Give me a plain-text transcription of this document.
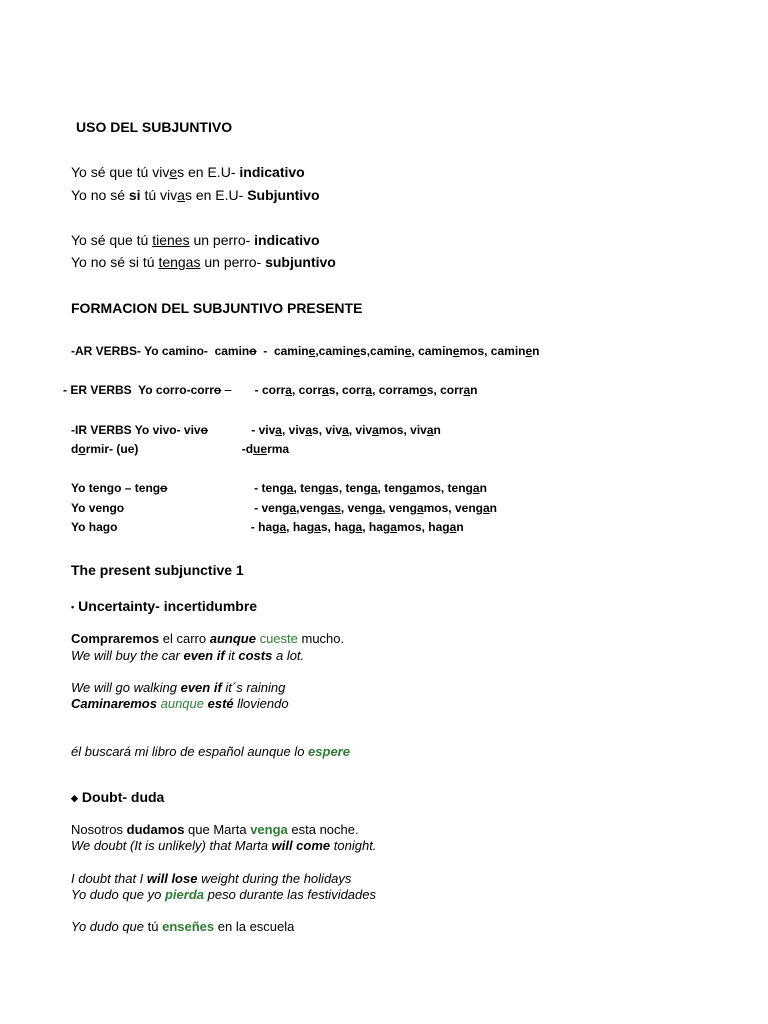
USO DEL SUBJUNTIVO
Yo sé que tú vives en E.U- indicativo
Yo no sé si tú vivas en E.U- Subjuntivo
Yo sé que tú tienes un perro- indicativo
Yo no sé si tú tengas un perro- subjuntivo
FORMACION DEL SUBJUNTIVO PRESENTE
-AR VERBS- Yo camino-  camino  -  camine,camines,camine, caminemos, caminen
- ER VERBS  Yo corro-corro          - corra, corras, corra, corramos, corran
-IR VERBS Yo vivo- vivo             - viva, vivas, viva, vivamos, vivan
dormir- (ue)                               -duerma
Yo tengo – tengo                          - tenga, tengas, tenga, tengamos, tengan
Yo vengo                                       - venga,vengas, venga, vengamos, vengan
Yo hago                                        - haga, hagas, haga, hagamos, hagan
The present subjunctive 1
• Uncertainty- incertidumbre
Compraremos el carro aunque cueste mucho.
We will buy the car even if it costs a lot.
We will go walking even if it´s raining
Caminaremos aunque esté lloviendo
él buscará mi libro de español aunque lo espere
◆ Doubt- duda
Nosotros dudamos que Marta venga esta noche.
We doubt (It is unlikely) that Marta will come tonight.
I doubt that I will lose weight during the holidays
Yo dudo que yo pierda peso durante las festividades
Yo dudo que tú enseñes en la escuela
